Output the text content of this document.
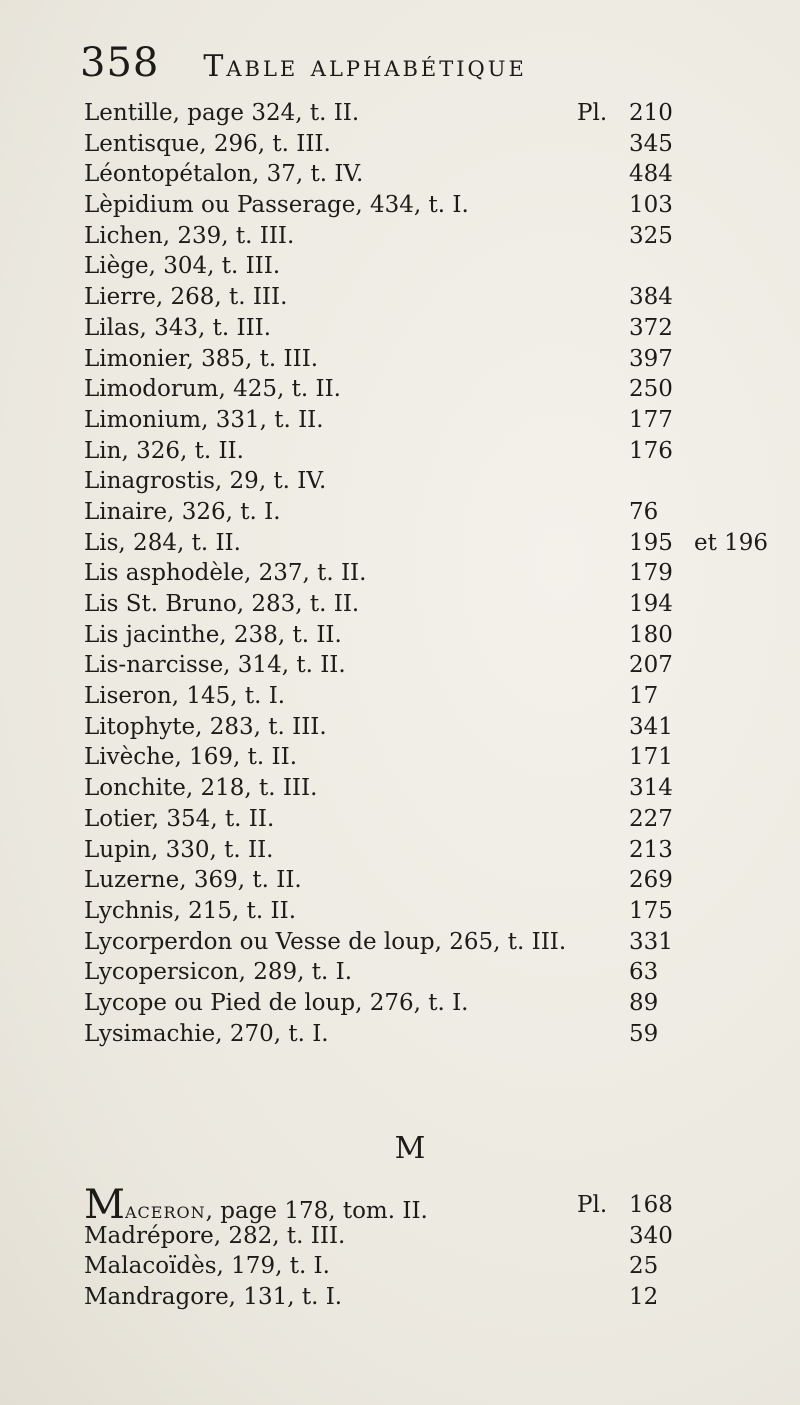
358 Table alphabétique
Lentille, page 324, t. II.	Pl. 210
Lentisque, 296, t. III.	345
Léontopétalon, 37, t. IV.	484
Lèpidium ou Passerage, 434, t. I.	103
Lichen, 239, t. III.	325
Liège, 304, t. III.
Lierre, 268, t. III.	384
Lilas, 343, t. III.	372
Limonier, 385, t. III.	397
Limodorum, 425, t. II.	250
Limonium, 331, t. II.	177
Lin, 326, t. II.	176
Linagrostis, 29, t. IV.
Linaire, 326, t. I.	76
Lis, 284, t. II.	195 et 196
Lis asphodèle, 237, t. II.	179
Lis St. Bruno, 283, t. II.	194
Lis jacinthe, 238, t. II.	180
Lis-narcisse, 314, t. II.	207
Liseron, 145, t. I.	17
Litophyte, 283, t. III.	341
Livèche, 169, t. II.	171
Lonchite, 218, t. III.	314
Lotier, 354, t. II.	227
Lupin, 330, t. II.	213
Luzerne, 369, t. II.	269
Lychnis, 215, t. II.	175
Lycorperdon ou Vesse de loup, 265, t. III.	331
Lycopersicon, 289, t. I.	63
Lycope ou Pied de loup, 276, t. I.	89
Lysimachie, 270, t. I.	59
M
Maceron, page 178, tom. II.	Pl. 168
Madrépore, 282, t. III.	340
Malacoïdès, 179, t. I.	25
Mandragore, 131, t. I.	12
